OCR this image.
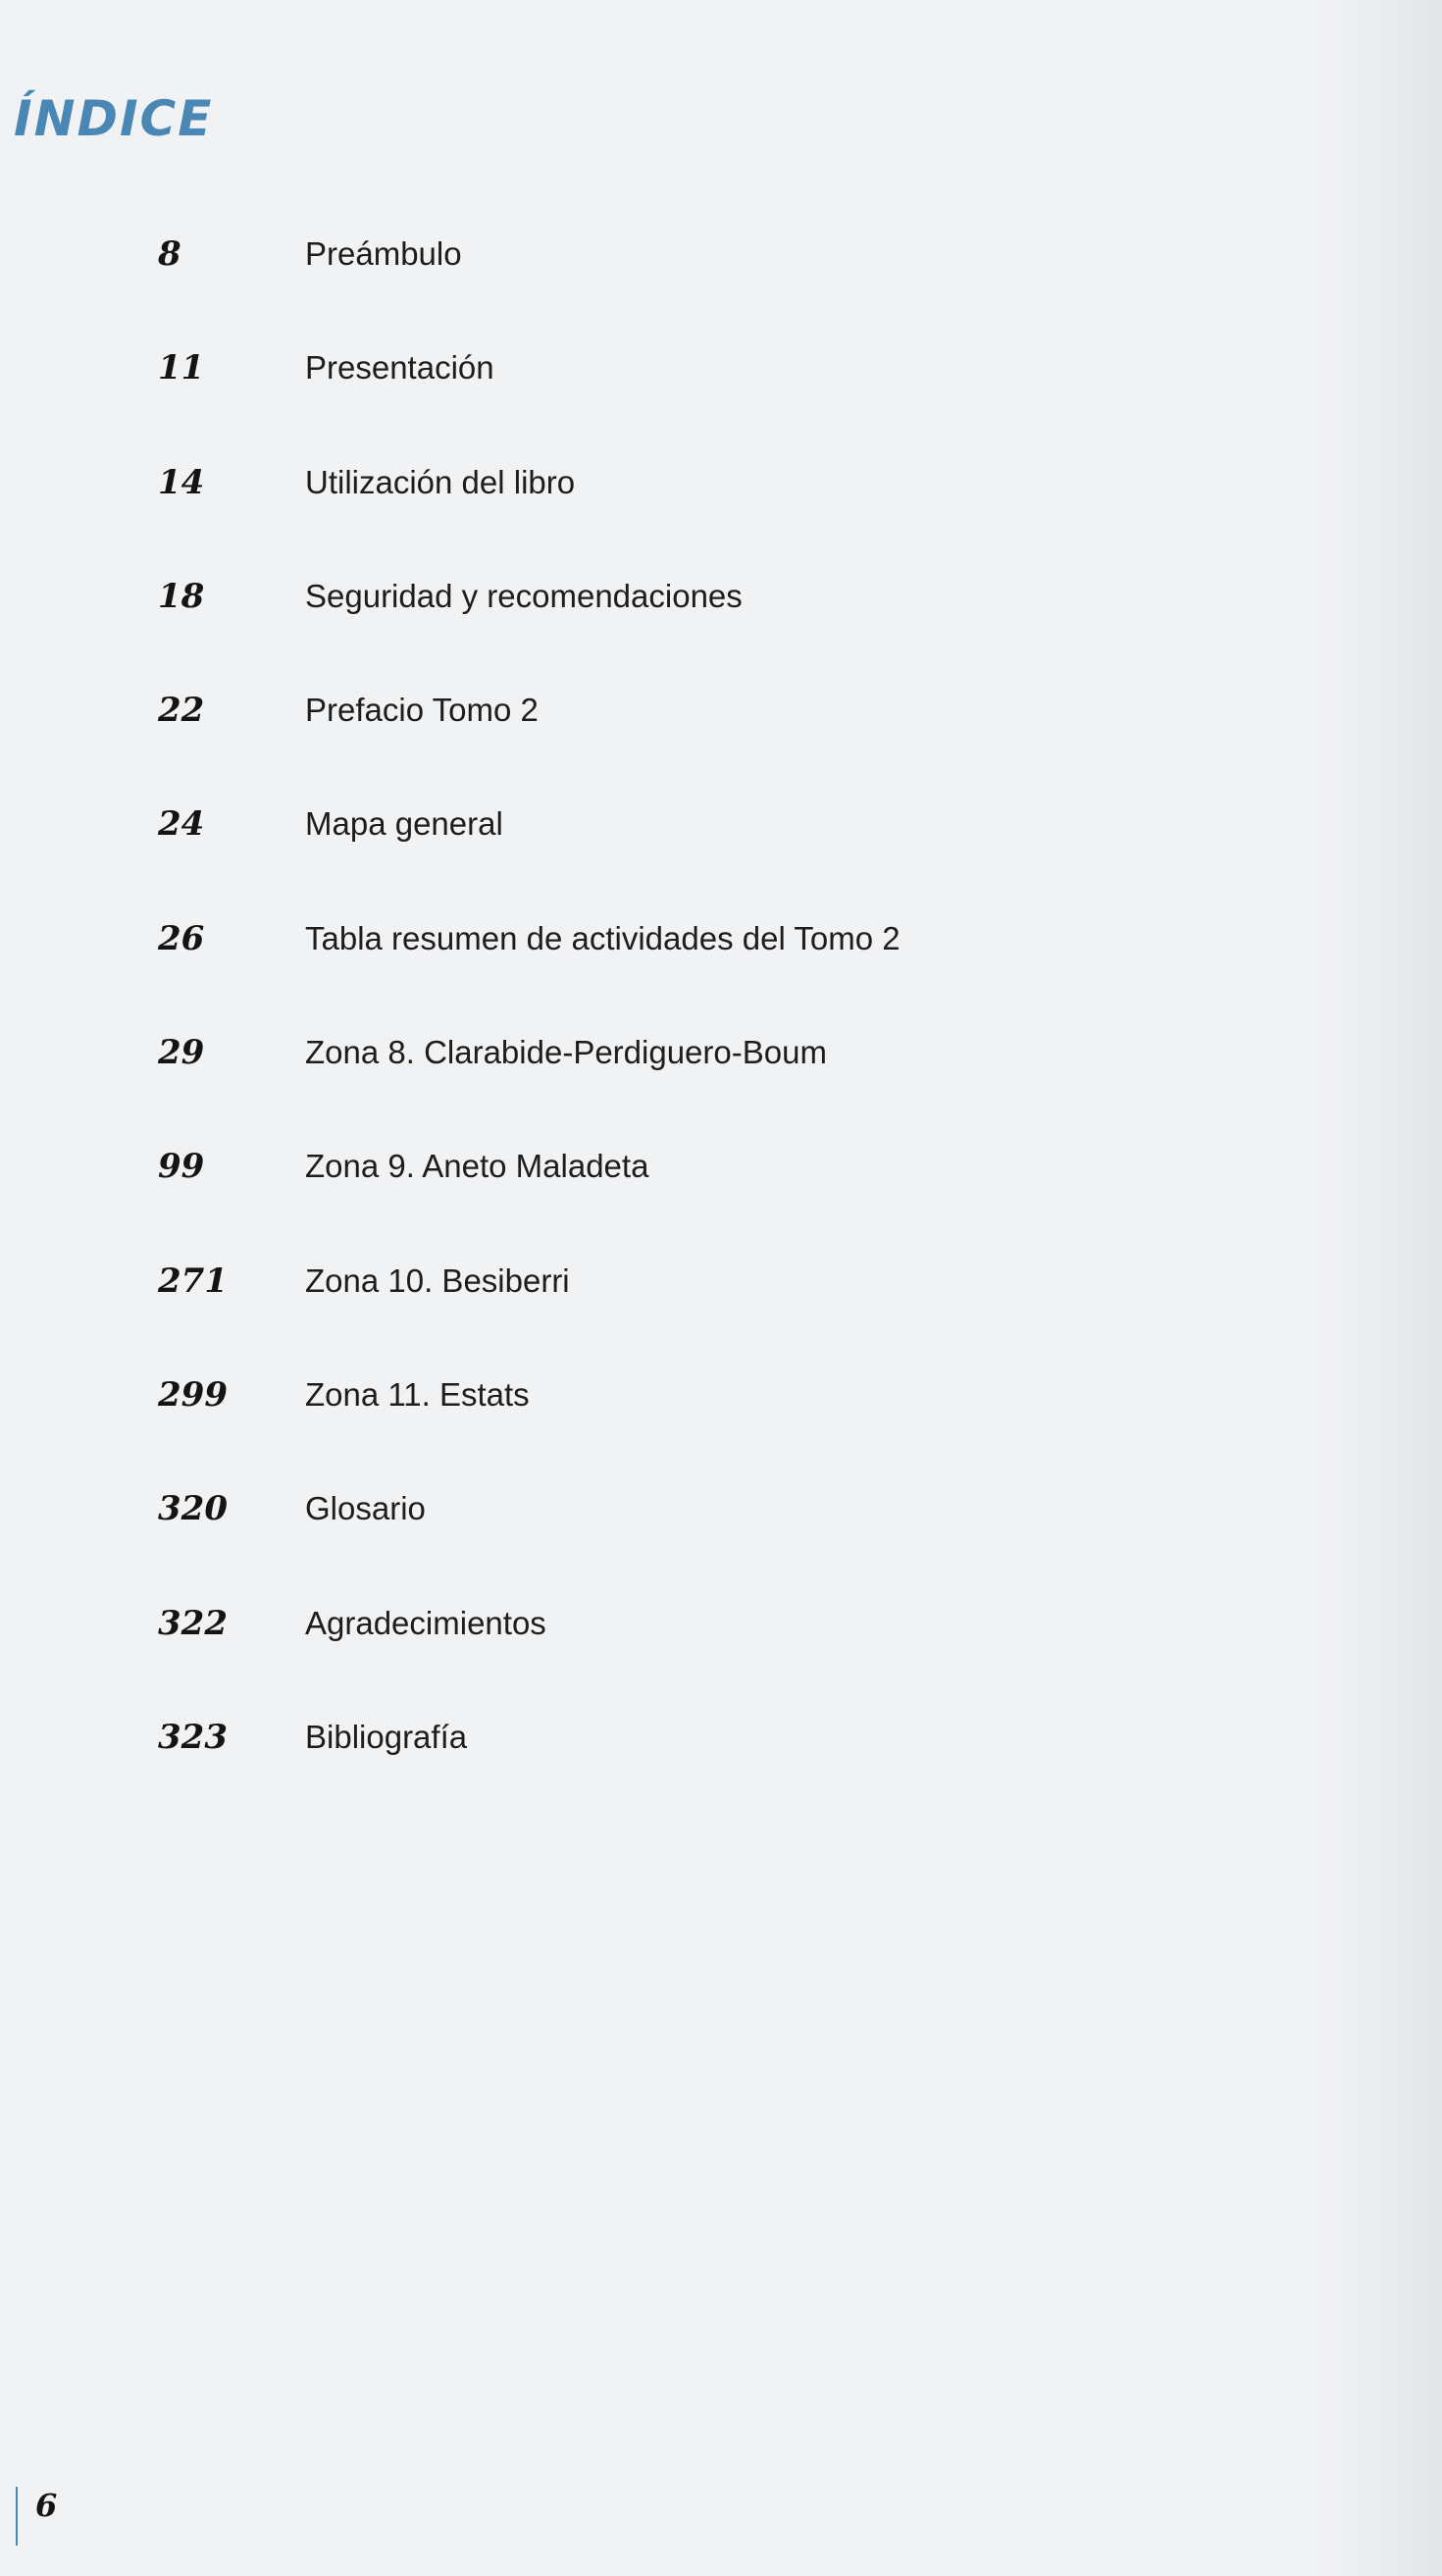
ÍNDICE
8	Preámbulo
11	Presentación
14	Utilización del libro
18	Seguridad y recomendaciones
22	Prefacio Tomo 2
24	Mapa general
26	Tabla resumen de actividades del Tomo 2
29	Zona 8. Clarabide-Perdiguero-Boum
99	Zona 9. Aneto Maladeta
271 Zona 10. Besiberri
299 Zona 11. Estats
320 Glosario
322 Agradecimientos
323 Bibliografía
6
